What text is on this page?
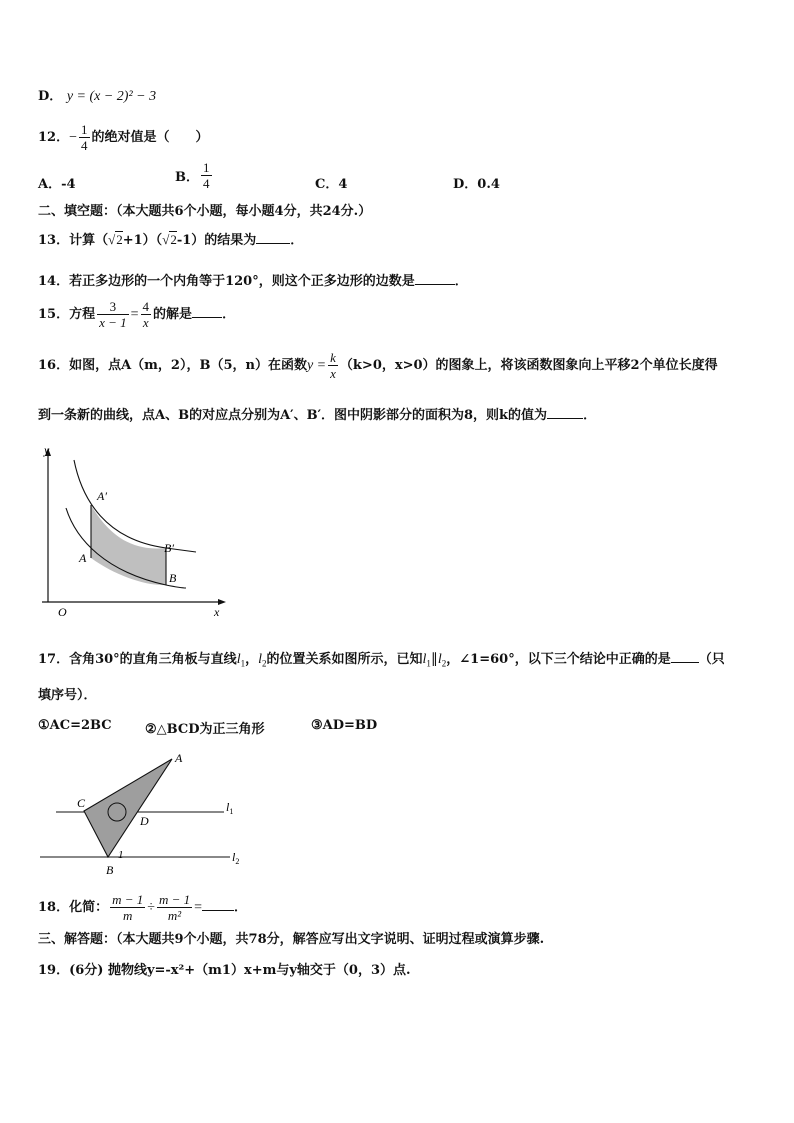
D． y = (x − 2)² − 3
12．− $\frac{1}{4}$ 的绝对值是（　　）
A．-4	B． $\frac{1}{4}$	C．4	D．0.4
二、填空题：（本大题共6个小题，每小题4分，共24分.）
13．计算（√2+1）（√2-1）的结果为	．
14．若正多边形的一个内角等于120°，则这个正多边形的边数是	．
15．方程 $\frac{3}{x - 1} = \frac{4}{x}$ 的解是 ．
16．如图，点A（m，2），B（5，n）在函数$y = \frac{k}{x} (k>0$，x>0）的图象上，将该函数图象向上平移2个单位长度得
到一条新的曲线，点A、B的对应点分别为A′、B′．图中阴影部分的面积为8，则k的值为	．
y
x
O
A
B
A′
B′
17．含角30°的直角三角板与直线$l_1$，$l_2$的位置关系如图所示，已知$l_1\parallel l_2$，∠1=60°，以下三个结论中正确的是 （只
填序号）．
①AC=2BC	②△BCD为正三角形	③AD=BD
A
C
D
B
1
$l_1$
$l_2$
18．化简： $\frac{m - 1}{m} \div \frac{m - 1}{\text{m²}}$ = ．
三、解答题：（本大题共9个小题，共78分，解答应写出文字说明、证明过程或演算步骤.
19．(6分) 抛物线y=-x²+（m1）x+m与y轴交于（0，3）点.
